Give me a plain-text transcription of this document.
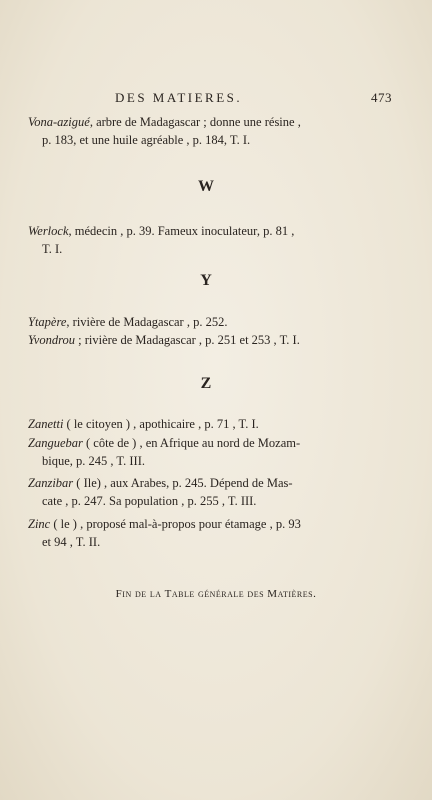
DES MATIERES.	473
Vona-azigué, arbre de Madagascar ; donne une résine ,
p. 183, et une huile agréable , p. 184, T. I.
W
Werlock, médecin , p. 39. Fameux inoculateur, p. 81 ,
T. I.
Y
Ytapère, rivière de Madagascar , p. 252.
Yvondrou ; rivière de Madagascar , p. 251 et 253 , T. I.
Z
Zanetti ( le citoyen ) , apothicaire , p. 71 , T. I.
Zanguebar ( côte de ) , en Afrique au nord de Mozam-
bique, p. 245 , T. III.
Zanzibar ( Ile) , aux Arabes, p. 245. Dépend de Mas-
cate , p. 247. Sa population , p. 255 , T. III.
Zinc ( le ) , proposé mal-à-propos pour étamage , p. 93
et 94 , T. II.
Fin de la Table générale des Matières.
